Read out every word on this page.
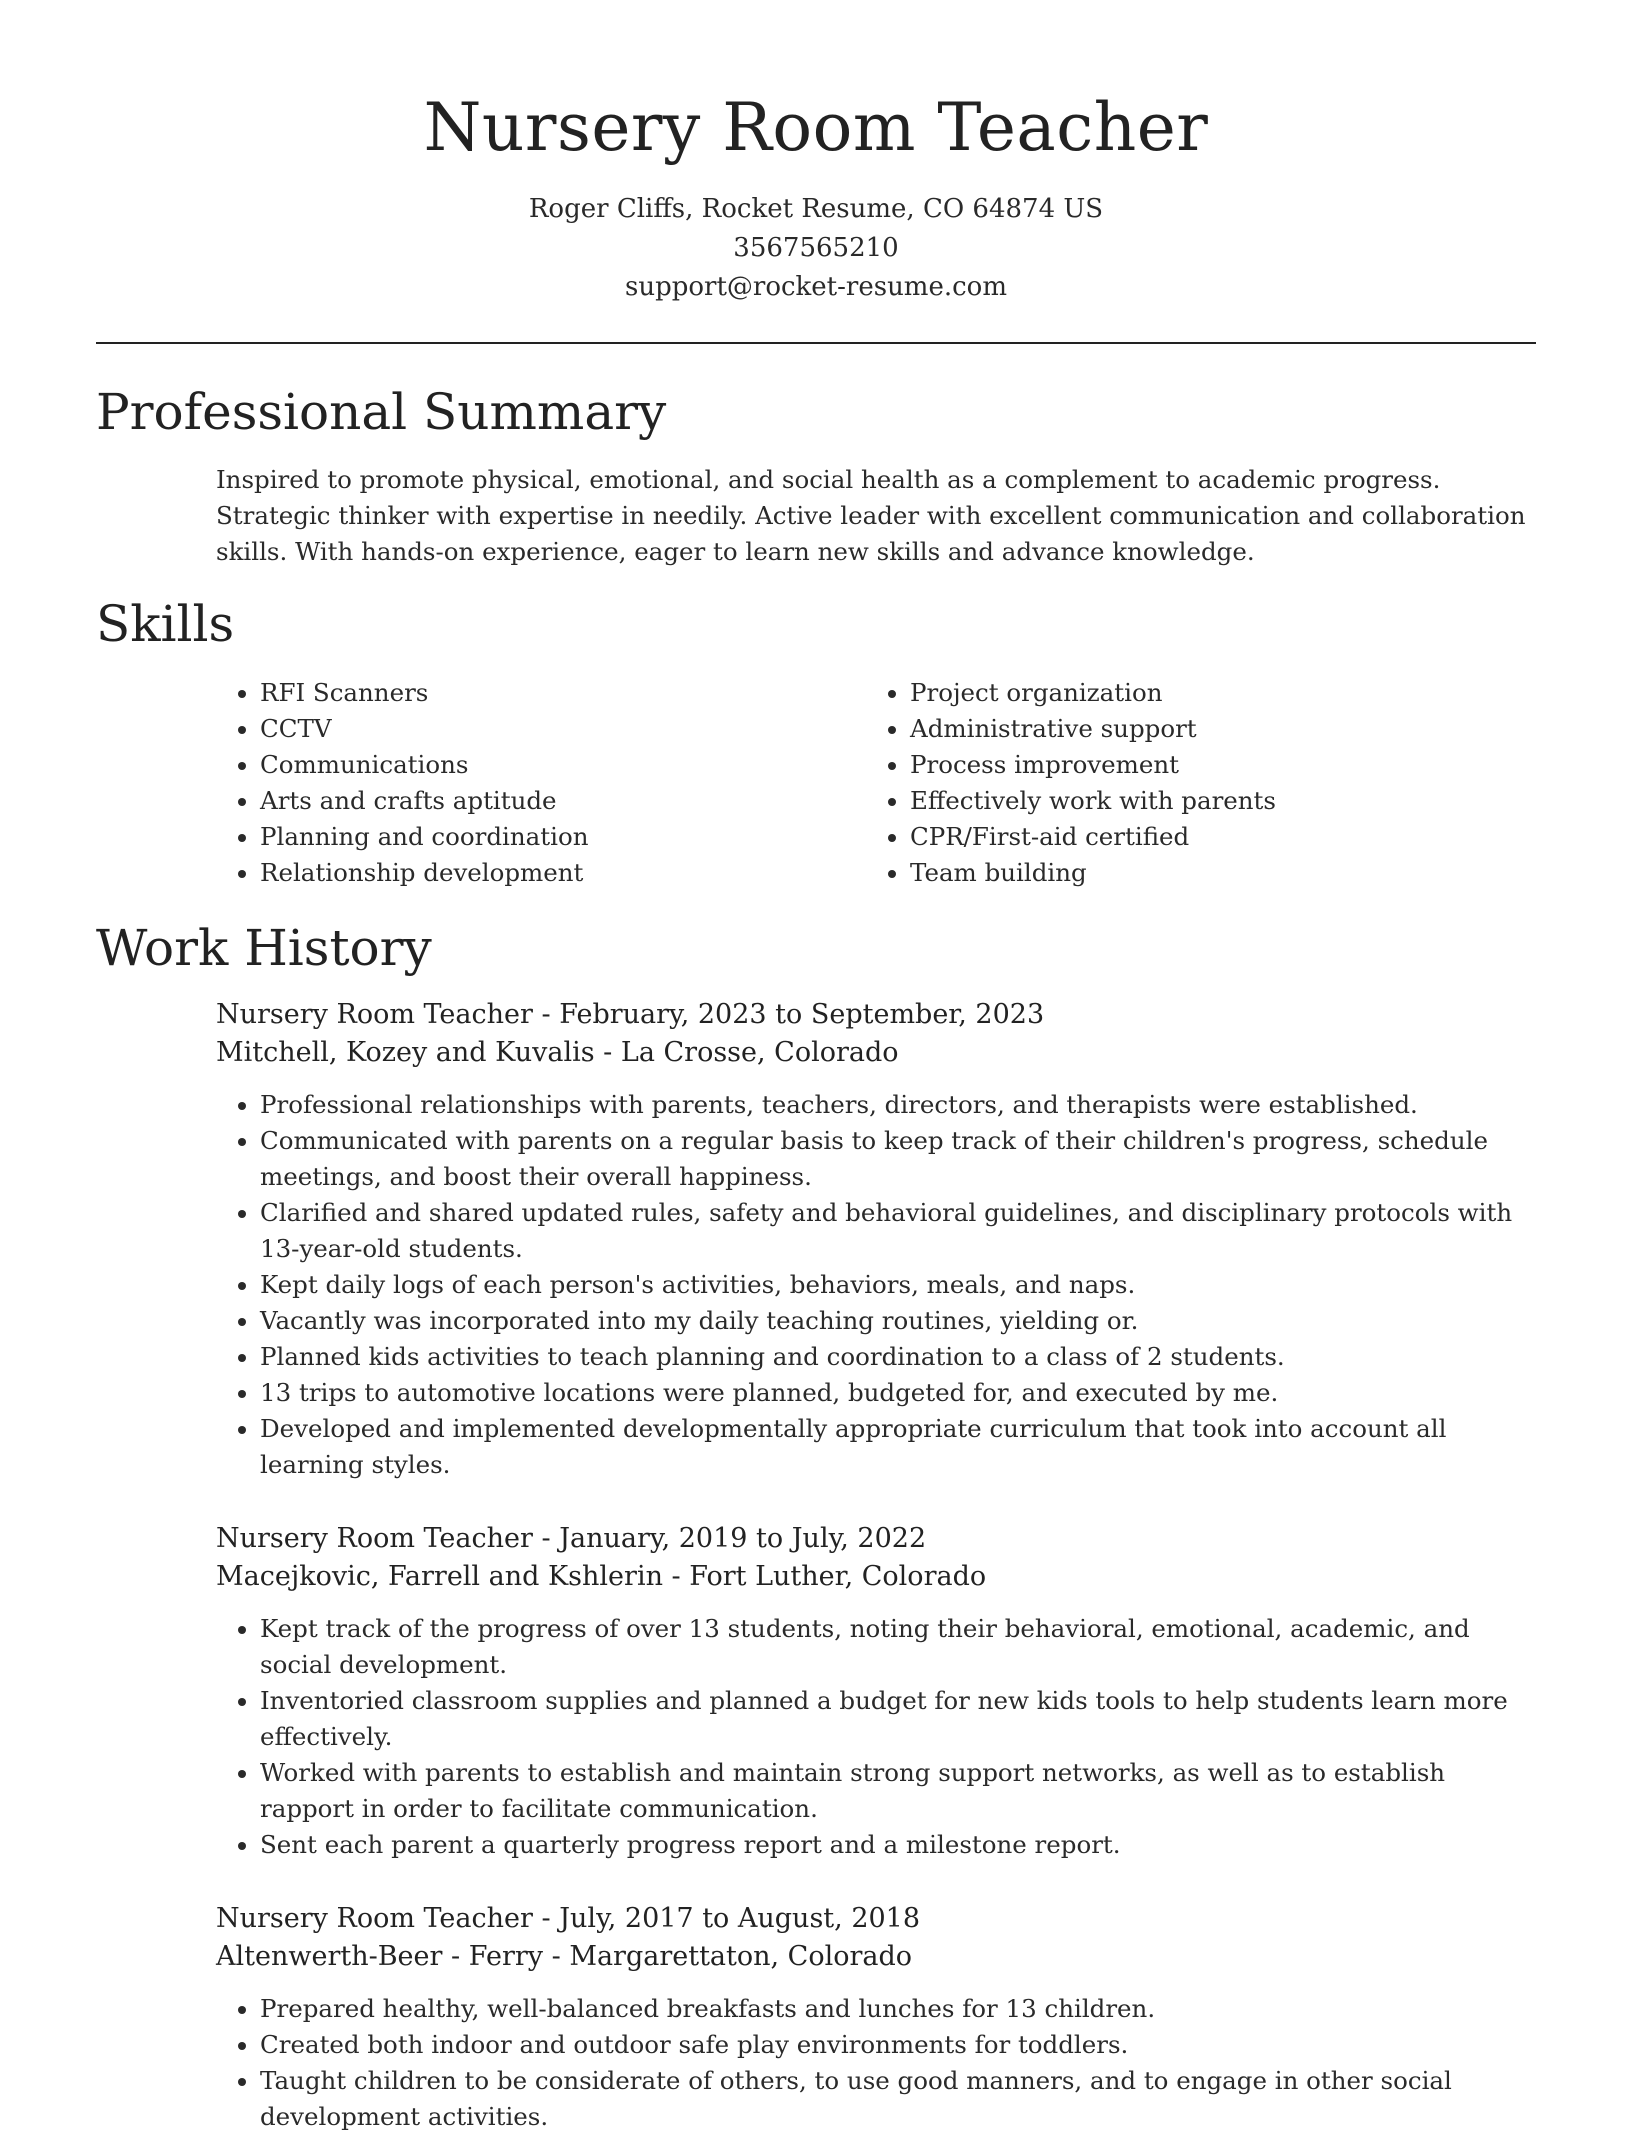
Nursery Room Teacher
Roger Cliffs, Rocket Resume, CO 64874 US
3567565210
support@rocket-resume.com
Professional Summary

Inspired to promote physical, emotional, and social health as a complement to academic progress. Strategic thinker with expertise in needily. Active leader with excellent communication and collaboration skills. With hands-on experience, eager to learn new skills and advance knowledge.

Skills
• RFI Scanners
• CCTV
• Communications
• Arts and crafts aptitude
• Planning and coordination
• Relationship development
• Project organization
• Administrative support
• Process improvement
• Effectively work with parents
• CPR/First-aid certified
• Team building
Work History
Nursery Room Teacher - February, 2023 to September, 2023
Mitchell, Kozey and Kuvalis - La Crosse, Colorado
• Professional relationships with parents, teachers, directors, and therapists were established.
• Communicated with parents on a regular basis to keep track of their children's progress, schedule meetings, and boost their overall happiness.
• Clarified and shared updated rules, safety and behavioral guidelines, and disciplinary protocols with 13-year-old students.
• Kept daily logs of each person's activities, behaviors, meals, and naps.
• Vacantly was incorporated into my daily teaching routines, yielding or.
• Planned kids activities to teach planning and coordination to a class of 2 students.
• 13 trips to automotive locations were planned, budgeted for, and executed by me.
• Developed and implemented developmentally appropriate curriculum that took into account all learning styles.
Nursery Room Teacher - January, 2019 to July, 2022
Macejkovic, Farrell and Kshlerin - Fort Luther, Colorado
• Kept track of the progress of over 13 students, noting their behavioral, emotional, academic, and social development.
• Inventoried classroom supplies and planned a budget for new kids tools to help students learn more effectively.
• Worked with parents to establish and maintain strong support networks, as well as to establish rapport in order to facilitate communication.
• Sent each parent a quarterly progress report and a milestone report.
Nursery Room Teacher - July, 2017 to August, 2018
Altenwerth-Beer - Ferry - Margarettaton, Colorado
• Prepared healthy, well-balanced breakfasts and lunches for 13 children.
• Created both indoor and outdoor safe play environments for toddlers.
• Taught children to be considerate of others, to use good manners, and to engage in other social development activities.
